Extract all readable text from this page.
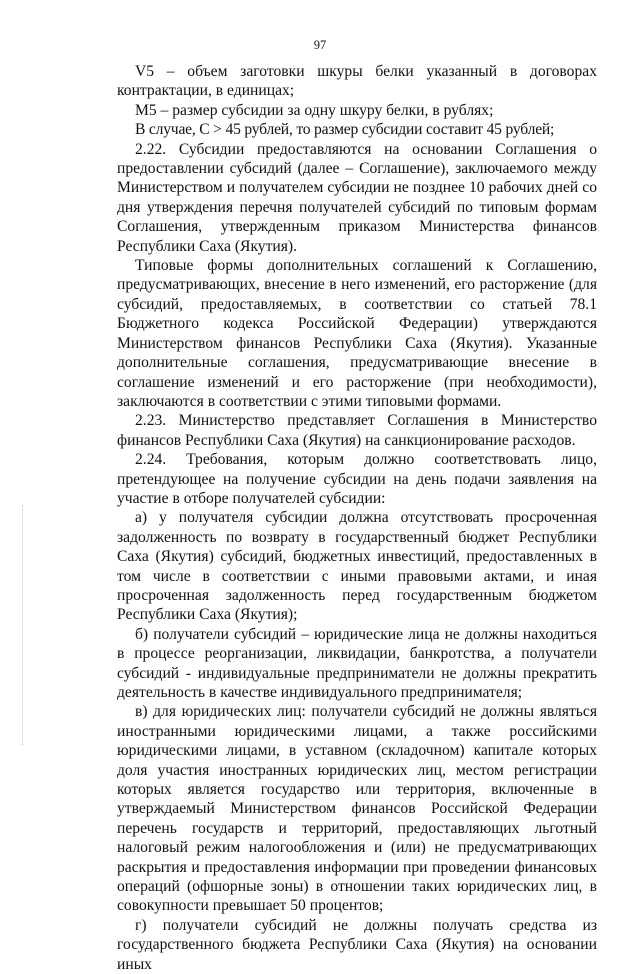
97

V5 – объем заготовки шкуры белки указанный в договорах контрактации, в единицах;

M5 – размер субсидии за одну шкуру белки, в рублях;

В случае, C > 45 рублей, то размер субсидии составит 45 рублей;

2.22. Субсидии предоставляются на основании Соглашения о предоставлении субсидий (далее – Соглашение), заключаемого между Министерством и получателем субсидии не позднее 10 рабочих дней со дня утверждения перечня получателей субсидий по типовым формам Соглашения, утвержденным приказом Министерства финансов Республики Саха (Якутия).

Типовые формы дополнительных соглашений к Соглашению, предусматривающих, внесение в него изменений, его расторжение (для субсидий, предоставляемых, в соответствии со статьей 78.1 Бюджетного кодекса Российской Федерации) утверждаются Министерством финансов Республики Саха (Якутия). Указанные дополнительные соглашения, предусматривающие внесение в соглашение изменений и его расторжение (при необходимости), заключаются в соответствии с этими типовыми формами.

2.23. Министерство представляет Соглашения в Министерство финансов Республики Саха (Якутия) на санкционирование расходов.

2.24. Требования, которым должно соответствовать лицо, претендующее на получение субсидии на день подачи заявления на участие в отборе получателей субсидии:

а) у получателя субсидии должна отсутствовать просроченная задолженность по возврату в государственный бюджет Республики Саха (Якутия) субсидий, бюджетных инвестиций, предоставленных в том числе в соответствии с иными правовыми актами, и иная просроченная задолженность перед государственным бюджетом Республики Саха (Якутия);

б) получатели субсидий – юридические лица не должны находиться в процессе реорганизации, ликвидации, банкротства, а получатели субсидий - индивидуальные предприниматели не должны прекратить деятельность в качестве индивидуального предпринимателя;

в) для юридических лиц: получатели субсидий не должны являться иностранными юридическими лицами, а также российскими юридическими лицами, в уставном (складочном) капитале которых доля участия иностранных юридических лиц, местом регистрации которых является государство или территория, включенные в утверждаемый Министерством финансов Российской Федерации перечень государств и территорий, предоставляющих льготный налоговый режим налогообложения и (или) не предусматривающих раскрытия и предоставления информации при проведении финансовых операций (офшорные зоны) в отношении таких юридических лиц, в совокупности превышает 50 процентов;

г) получатели субсидий не должны получать средства из государственного бюджета Республики Саха (Якутия) на основании иных
